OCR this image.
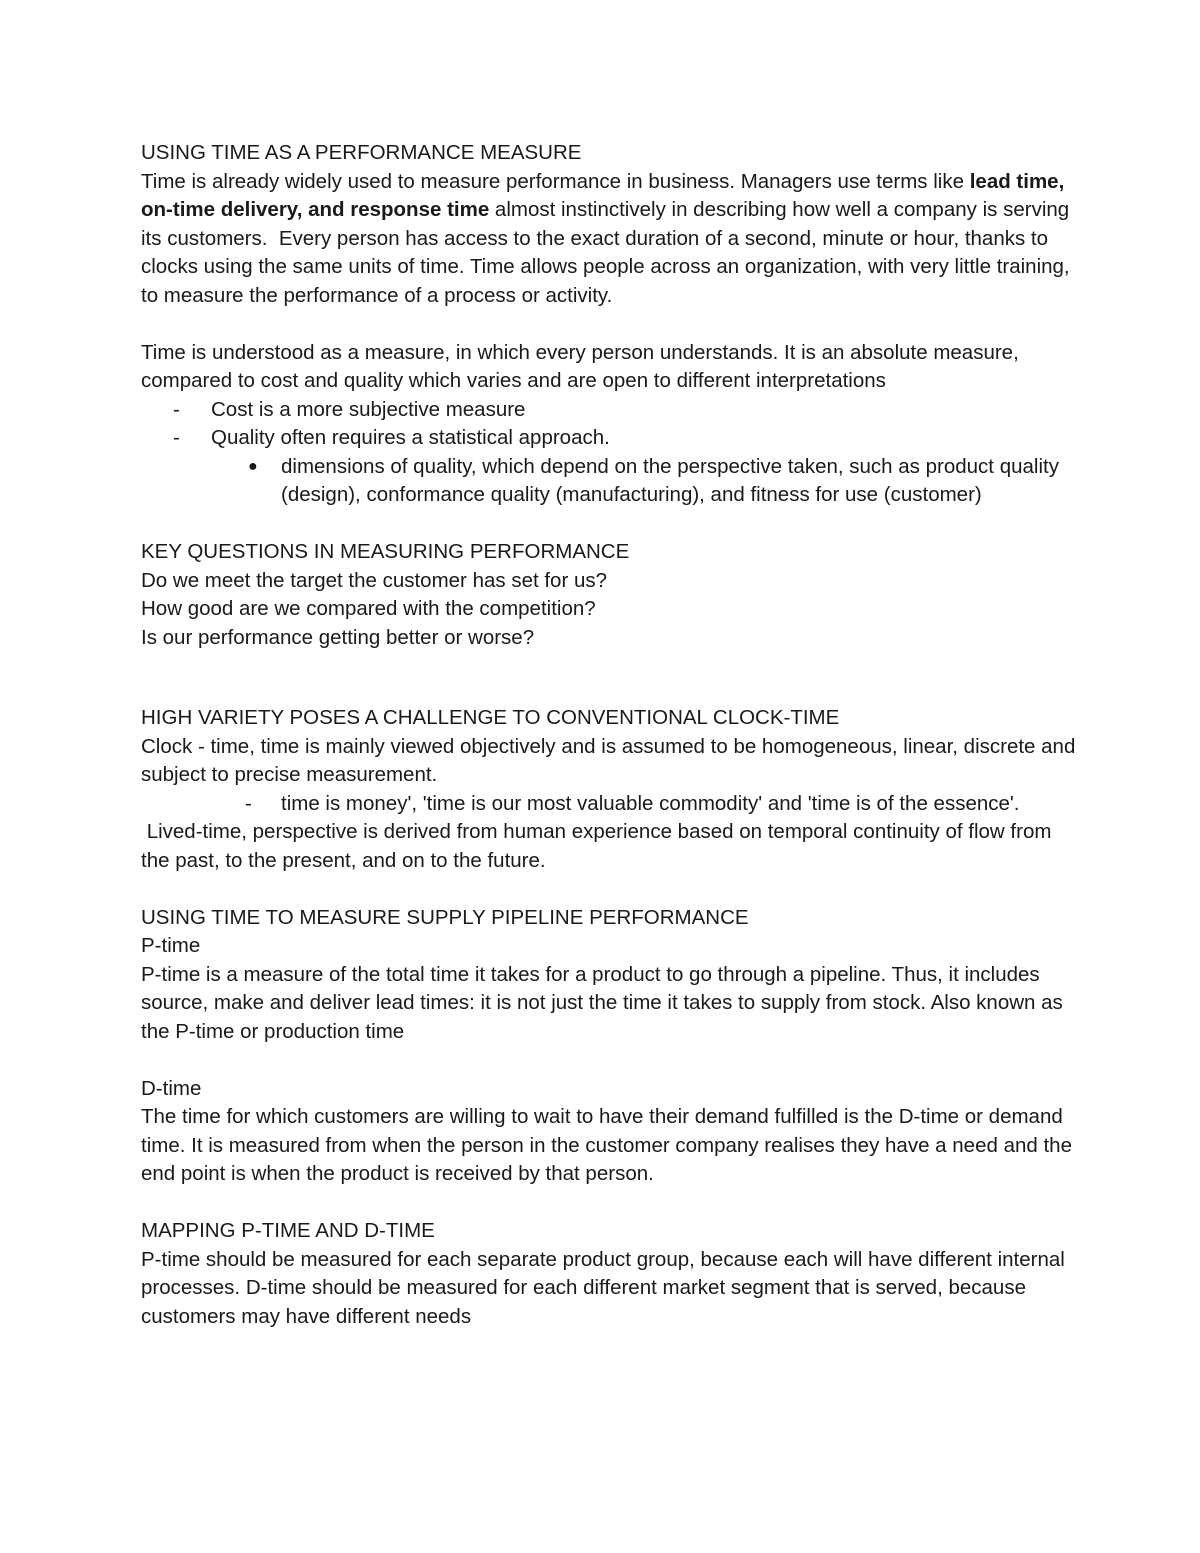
USING TIME AS A PERFORMANCE MEASURE
Time is already widely used to measure performance in business. Managers use terms like lead time, on-time delivery, and response time almost instinctively in describing how well a company is serving its customers.  Every person has access to the exact duration of a second, minute or hour, thanks to clocks using the same units of time. Time allows people across an organization, with very little training, to measure the performance of a process or activity.
Time is understood as a measure, in which every person understands. It is an absolute measure, compared to cost and quality which varies and are open to different interpretations
- Cost is a more subjective measure
- Quality often requires a statistical approach.
● dimensions of quality, which depend on the perspective taken, such as product quality (design), conformance quality (manufacturing), and fitness for use (customer)
KEY QUESTIONS IN MEASURING PERFORMANCE
Do we meet the target the customer has set for us?
How good are we compared with the competition?
Is our performance getting better or worse?
HIGH VARIETY POSES A CHALLENGE TO CONVENTIONAL CLOCK-TIME
Clock - time, time is mainly viewed objectively and is assumed to be homogeneous, linear, discrete and subject to precise measurement.
- time is money', 'time is our most valuable commodity' and 'time is of the essence'.
Lived-time, perspective is derived from human experience based on temporal continuity of flow from the past, to the present, and on to the future.
USING TIME TO MEASURE SUPPLY PIPELINE PERFORMANCE
P-time
P-time is a measure of the total time it takes for a product to go through a pipeline. Thus, it includes source, make and deliver lead times: it is not just the time it takes to supply from stock. Also known as the P-time or production time
D-time
The time for which customers are willing to wait to have their demand fulfilled is the D-time or demand time. It is measured from when the person in the customer company realises they have a need and the end point is when the product is received by that person.
MAPPING P-TIME AND D-TIME
P-time should be measured for each separate product group, because each will have different internal processes. D-time should be measured for each different market segment that is served, because customers may have different needs
